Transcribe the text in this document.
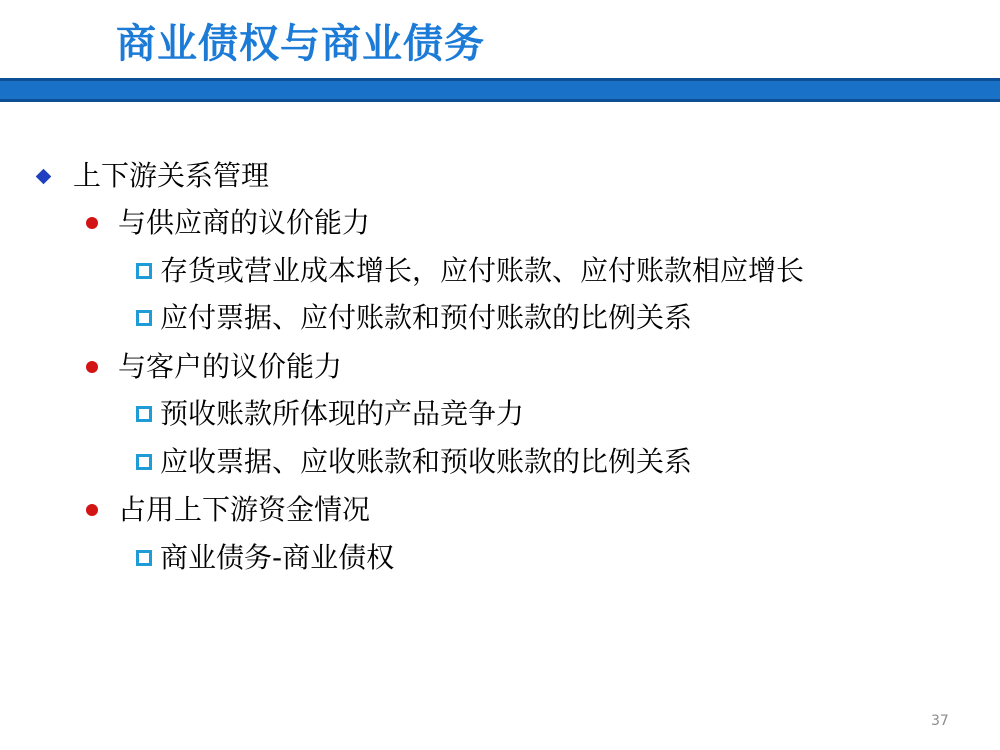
商业债权与商业债务
上下游关系管理
与供应商的议价能力
存货或营业成本增长，应付账款、应付账款相应增长
应付票据、应付账款和预付账款的比例关系
与客户的议价能力
预收账款所体现的产品竞争力
应收票据、应收账款和预收账款的比例关系
占用上下游资金情况
商业债务-商业债权
37
